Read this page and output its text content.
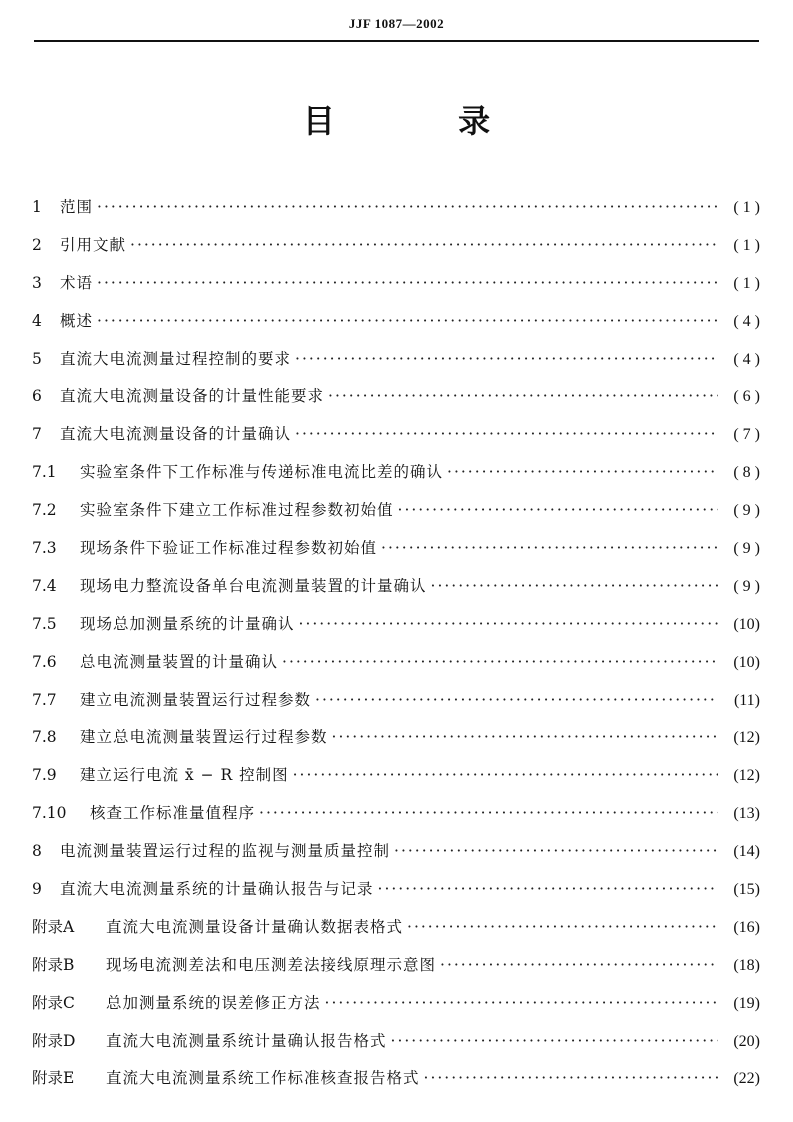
JJF 1087—2002
目 录
1	范围 ·····	( 1 )
2	引用文献 ·····	( 1 )
3	术语 ·····	( 1 )
4	概述 ·····	( 4 )
5	直流大电流测量过程控制的要求 ·····	( 4 )
6	直流大电流测量设备的计量性能要求 ·····	( 6 )
7	直流大电流测量设备的计量确认 ·····	( 7 )
7.1	实验室条件下工作标准与传递标准电流比差的确认 ·····	( 8 )
7.2	实验室条件下建立工作标准过程参数初始值 ·····	( 9 )
7.3	现场条件下验证工作标准过程参数初始值 ·····	( 9 )
7.4	现场电力整流设备单台电流测量装置的计量确认 ·····	( 9 )
7.5	现场总加测量系统的计量确认 ·····	(10)
7.6	总电流测量装置的计量确认 ·····	(10)
7.7	建立电流测量装置运行过程参数 ·····	(11)
7.8	建立总电流测量装置运行过程参数 ·····	(12)
7.9	建立运行电流 x̄ − R 控制图 ·····	(12)
7.10	核查工作标准量值程序 ·····	(13)
8	电流测量装置运行过程的监视与测量质量控制 ·····	(14)
9	直流大电流测量系统的计量确认报告与记录 ·····	(15)
附录A	直流大电流测量设备计量确认数据表格式 ·····	(16)
附录B	现场电流测差法和电压测差法接线原理示意图 ·····	(18)
附录C	总加测量系统的误差修正方法 ·····	(19)
附录D	直流大电流测量系统计量确认报告格式 ·····	(20)
附录E	直流大电流测量系统工作标准核查报告格式 ·····	(22)
